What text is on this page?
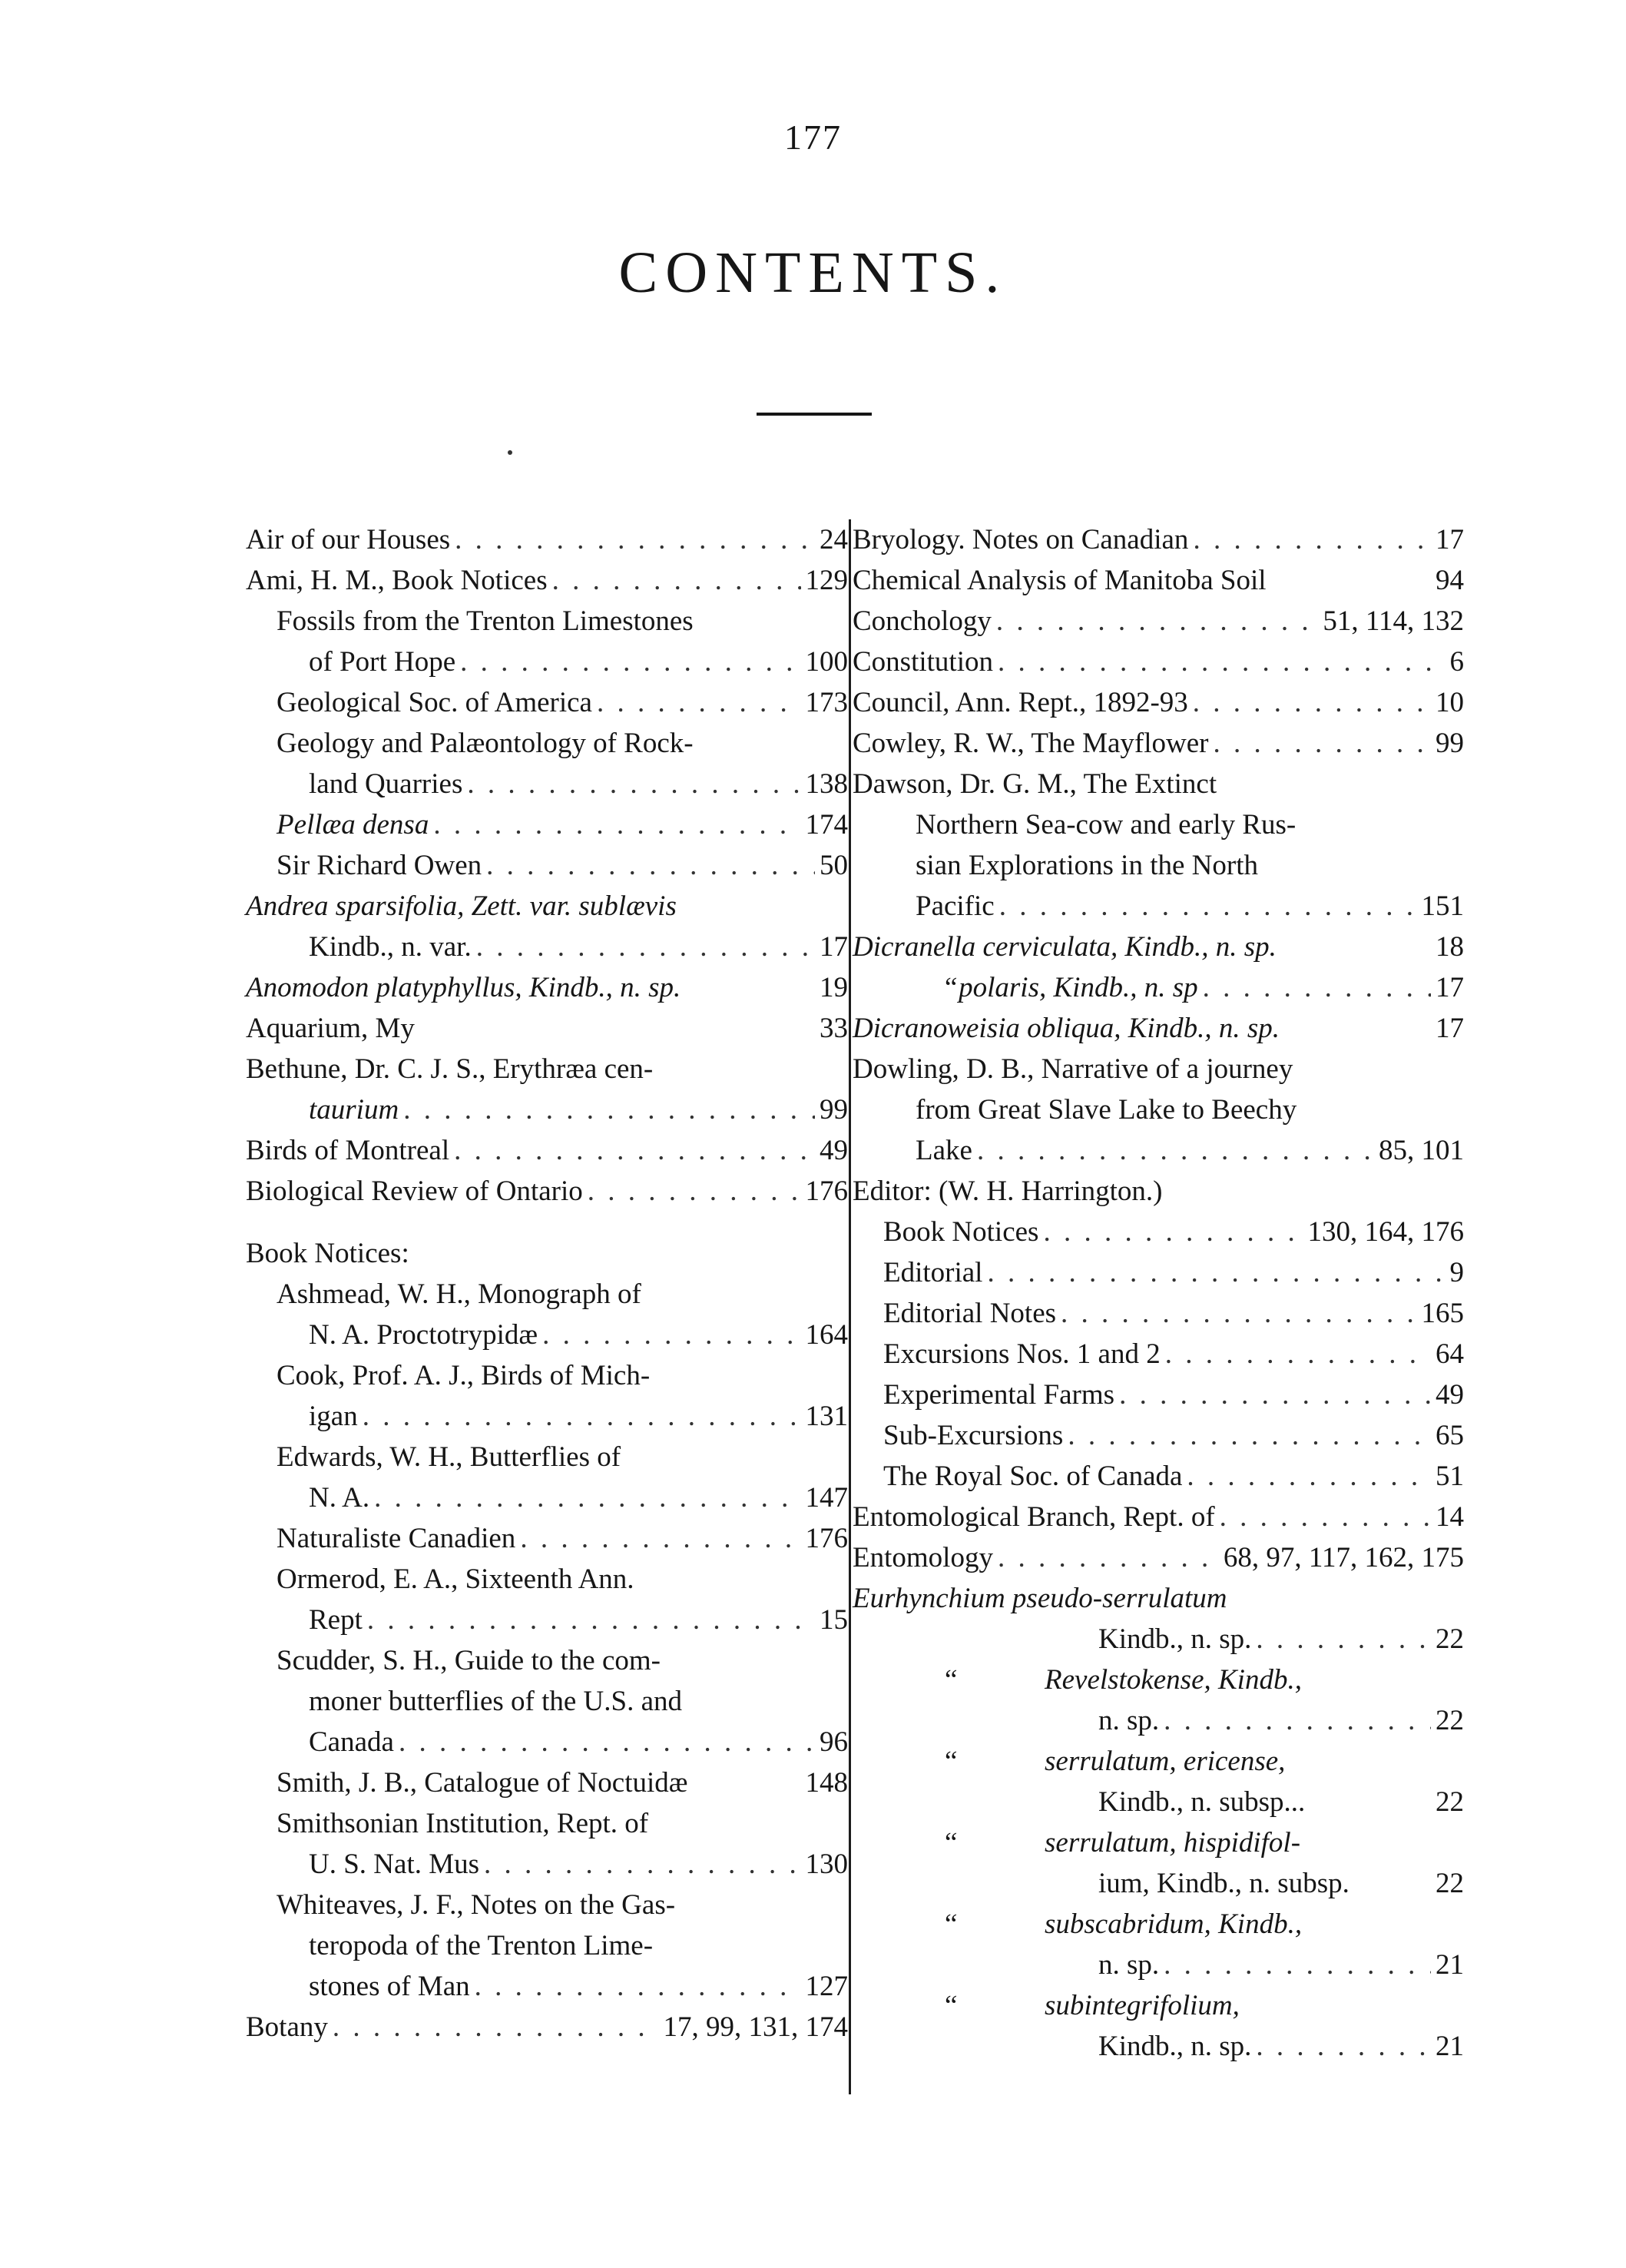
177
CONTENTS.
Air of our Houses . . .	24
Ami, H. M., Book Notices . . .	129
Fossils from the Trenton Limestones
of Port Hope . . .	100
Geological Soc. of America . . .	173
Geology and Palæontology of Rock-
land Quarries . . .	138
Pellæa densa . . .	174
Sir Richard Owen . . .	50
Andrea sparsifolia, Zett. var. sublævis
Kindb., n. var. . . .	17
Anomodon platyphyllus, Kindb., n. sp.	19
Aquarium, My	33
Bethune, Dr. C. J. S., Erythræa cen-
taurium . . .	99
Birds of Montreal . . .	49
Biological Review of Ontario . . .	176
Book Notices:
Ashmead, W. H., Monograph of
N. A. Proctotrypidæ . . .	164
Cook, Prof. A. J., Birds of Mich-
igan . . .	131
Edwards, W. H., Butterflies of
N. A. . . .	147
Naturaliste Canadien . . .	176
Ormerod, E. A., Sixteenth Ann.
Rept . . .	15
Scudder, S. H., Guide to the com-
moner butterflies of the U.S. and
Canada . . .	96
Smith, J. B., Catalogue of Noctuidæ	148
Smithsonian Institution, Rept. of
U. S. Nat. Mus . . .	130
Whiteaves, J. F., Notes on the Gas-
teropoda of the Trenton Lime-
stones of Man . . .	127
Botany . . .	17, 99, 131, 174
Bryology. Notes on Canadian . . .	17
Chemical Analysis of Manitoba Soil	94
Conchology . . .	51, 114, 132
Constitution . . .	6
Council, Ann. Rept., 1892-93 . . .	10
Cowley, R. W., The Mayflower . . .	99
Dawson, Dr. G. M., The Extinct
Northern Sea-cow and early Rus-
sian Explorations in the North
Pacific . . .	151
Dicranella cerviculata, Kindb., n. sp.	18
“ polaris, Kindb., n. sp . . .	17
Dicranoweisia obliqua, Kindb., n. sp.	17
Dowling, D. B., Narrative of a journey
from Great Slave Lake to Beechy
Lake . . .	85, 101
Editor: (W. H. Harrington.)
Book Notices . . .	130, 164, 176
Editorial . . .	9
Editorial Notes . . .	165
Excursions Nos. 1 and 2 . . .	64
Experimental Farms . . .	49
Sub-Excursions . . .	65
The Royal Soc. of Canada . . .	51
Entomological Branch, Rept. of . . .	14
Entomology . . .	68, 97, 117, 162, 175
Eurhynchium pseudo-serrulatum
Kindb., n. sp. . . .	22
“	Revelstokense, Kindb.,
n. sp. . . .	22
“	serrulatum, ericense,
Kindb., n. subsp...	22
“	serrulatum, hispidifol-
ium, Kindb., n. subsp.	22
“	subscabridum, Kindb.,
n. sp. . . .	21
“	subintegrifolium,
Kindb., n. sp. . . .	21
